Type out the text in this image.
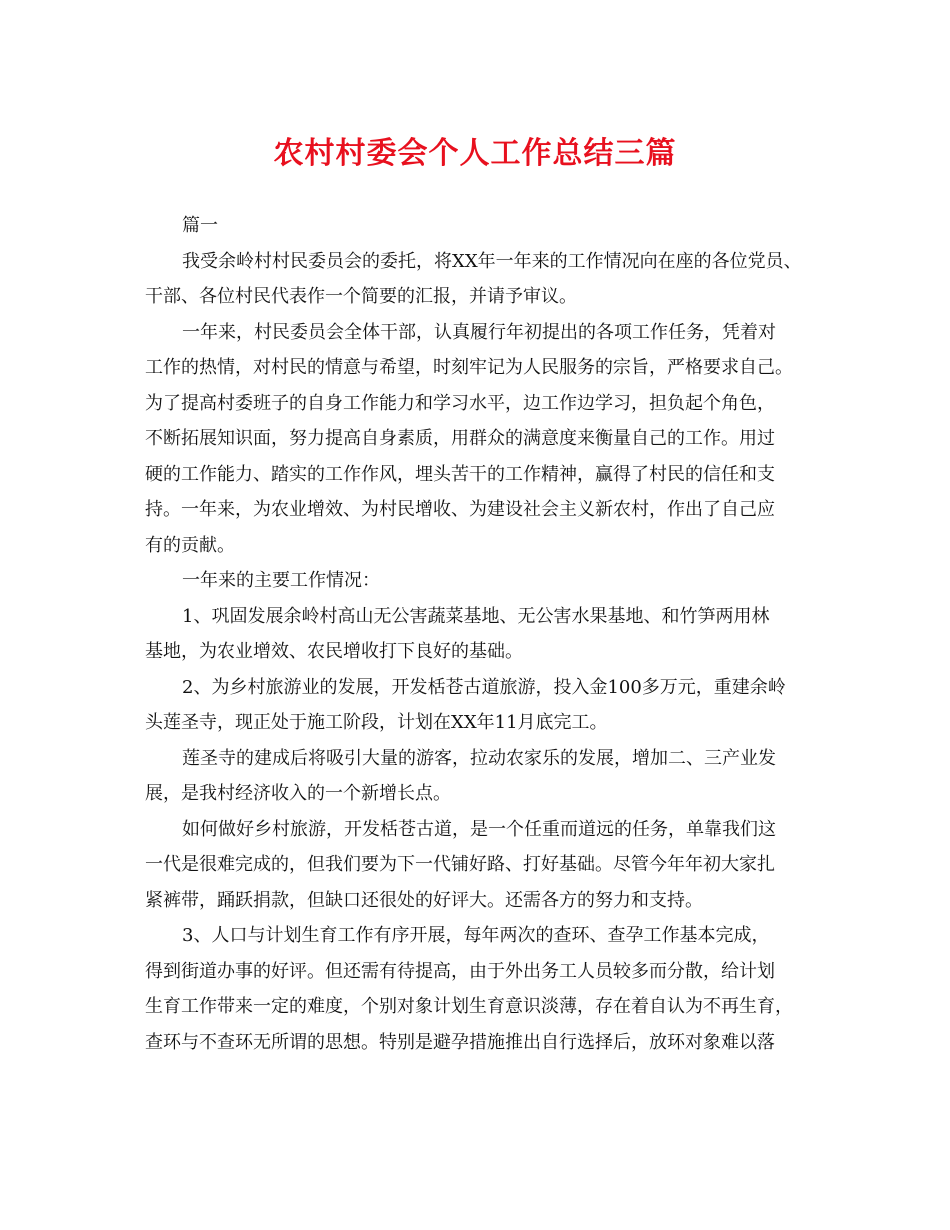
农村村委会个人工作总结三篇
篇一
我受余岭村村民委员会的委托，将XX年一年来的工作情况向在座的各位党员、
干部、各位村民代表作一个简要的汇报，并请予审议。
一年来，村民委员会全体干部，认真履行年初提出的各项工作任务，凭着对
工作的热情，对村民的情意与希望，时刻牢记为人民服务的宗旨，严格要求自己。
为了提高村委班子的自身工作能力和学习水平，边工作边学习，担负起个角色，
不断拓展知识面，努力提高自身素质，用群众的满意度来衡量自己的工作。用过
硬的工作能力、踏实的工作作风，埋头苦干的工作精神，赢得了村民的信任和支
持。一年来，为农业增效、为村民增收、为建设社会主义新农村，作出了自己应
有的贡献。
一年来的主要工作情况：
1、巩固发展余岭村高山无公害蔬菜基地、无公害水果基地、和竹笋两用林
基地，为农业增效、农民增收打下良好的基础。
2、为乡村旅游业的发展，开发栝苍古道旅游，投入金100多万元，重建余岭
头莲圣寺，现正处于施工阶段，计划在XX年11月底完工。
莲圣寺的建成后将吸引大量的游客，拉动农家乐的发展，增加二、三产业发
展，是我村经济收入的一个新增长点。
如何做好乡村旅游，开发栝苍古道，是一个任重而道远的任务，单靠我们这
一代是很难完成的，但我们要为下一代铺好路、打好基础。尽管今年年初大家扎
紧裤带，踊跃捐款，但缺口还很处的好评大。还需各方的努力和支持。
3、人口与计划生育工作有序开展，每年两次的查环、查孕工作基本完成，
得到街道办事的好评。但还需有待提高，由于外出务工人员较多而分散，给计划
生育工作带来一定的难度，个别对象计划生育意识淡薄，存在着自认为不再生育，
查环与不查环无所谓的思想。特别是避孕措施推出自行选择后，放环对象难以落
